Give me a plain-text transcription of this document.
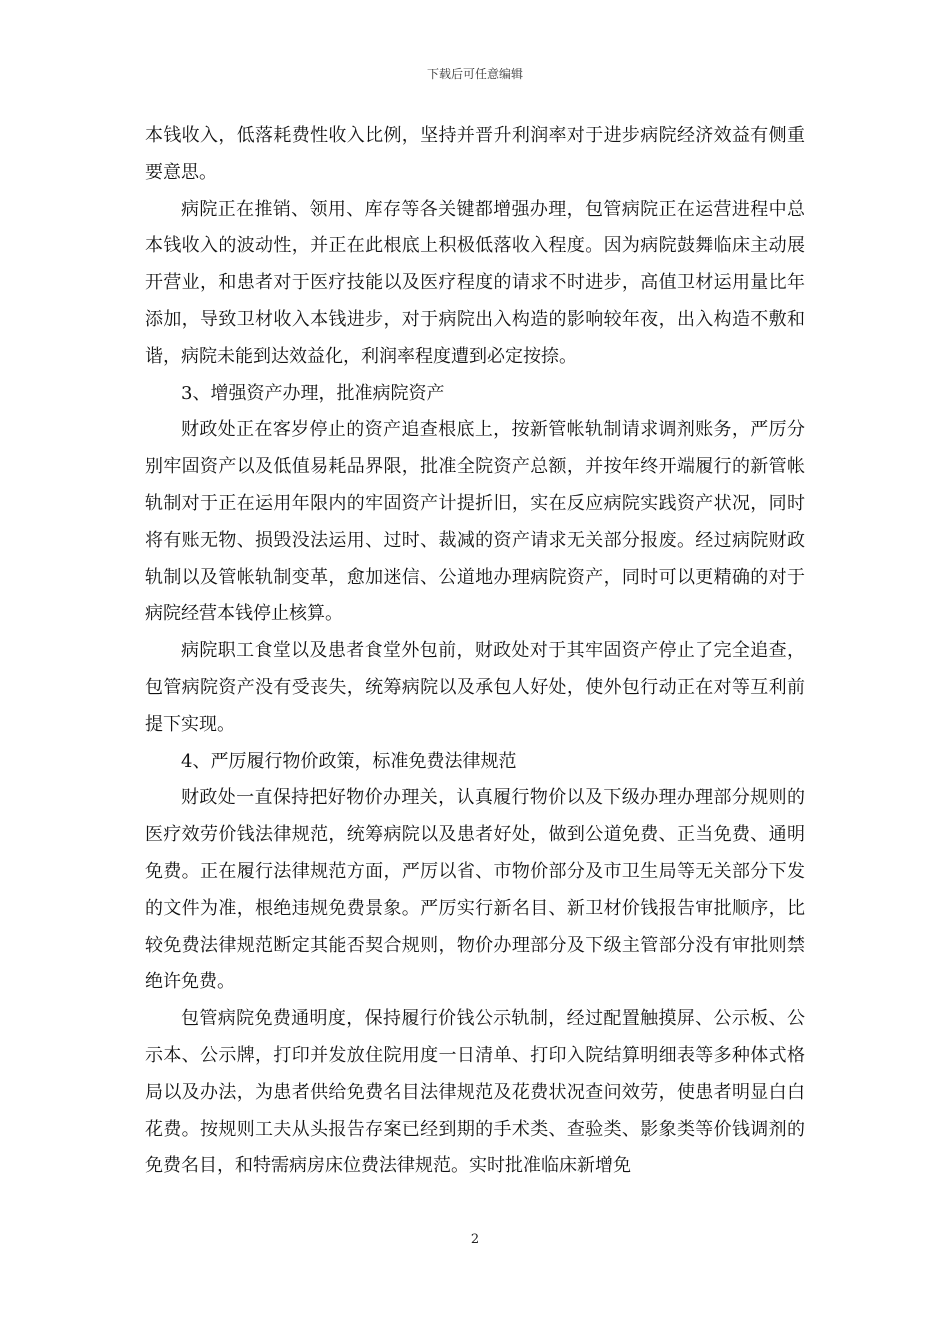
下载后可任意编辑

本钱收入，低落耗费性收入比例，坚持并晋升利润率对于进步病院经济效益有侧重要意思。

病院正在推销、领用、库存等各关键都增强办理，包管病院正在运营进程中总本钱收入的波动性，并正在此根底上积极低落收入程度。因为病院鼓舞临床主动展开营业，和患者对于医疗技能以及医疗程度的请求不时进步，高值卫材运用量比年添加，导致卫材收入本钱进步，对于病院出入构造的影响较年夜，出入构造不敷和谐，病院未能到达效益化，利润率程度遭到必定按捺。

3、增强资产办理，批准病院资产

财政处正在客岁停止的资产追查根底上，按新管帐轨制请求调剂账务，严厉分别牢固资产以及低值易耗品界限，批准全院资产总额，并按年终开端履行的新管帐轨制对于正在运用年限内的牢固资产计提折旧，实在反应病院实践资产状况，同时将有账无物、损毁没法运用、过时、裁减的资产请求无关部分报废。经过病院财政轨制以及管帐轨制变革，愈加迷信、公道地办理病院资产，同时可以更精确的对于病院经营本钱停止核算。

病院职工食堂以及患者食堂外包前，财政处对于其牢固资产停止了完全追查，包管病院资产没有受丧失，统筹病院以及承包人好处，使外包行动正在对等互利前提下实现。

4、严厉履行物价政策，标准免费法律规范

财政处一直保持把好物价办理关，认真履行物价以及下级办理办理部分规则的医疗效劳价钱法律规范，统筹病院以及患者好处，做到公道免费、正当免费、通明免费。正在履行法律规范方面，严厉以省、市物价部分及市卫生局等无关部分下发的文件为准，根绝违规免费景象。严厉实行新名目、新卫材价钱报告审批顺序，比较免费法律规范断定其能否契合规则，物价办理部分及下级主管部分没有审批则禁绝许免费。

包管病院免费通明度，保持履行价钱公示轨制，经过配置触摸屏、公示板、公示本、公示牌，打印并发放住院用度一日清单、打印入院结算明细表等多种体式格局以及办法，为患者供给免费名目法律规范及花费状况查问效劳，使患者明显白白花费。按规则工夫从头报告存案已经到期的手术类、查验类、影象类等价钱调剂的免费名目，和特需病房床位费法律规范。实时批准临床新增免

2
